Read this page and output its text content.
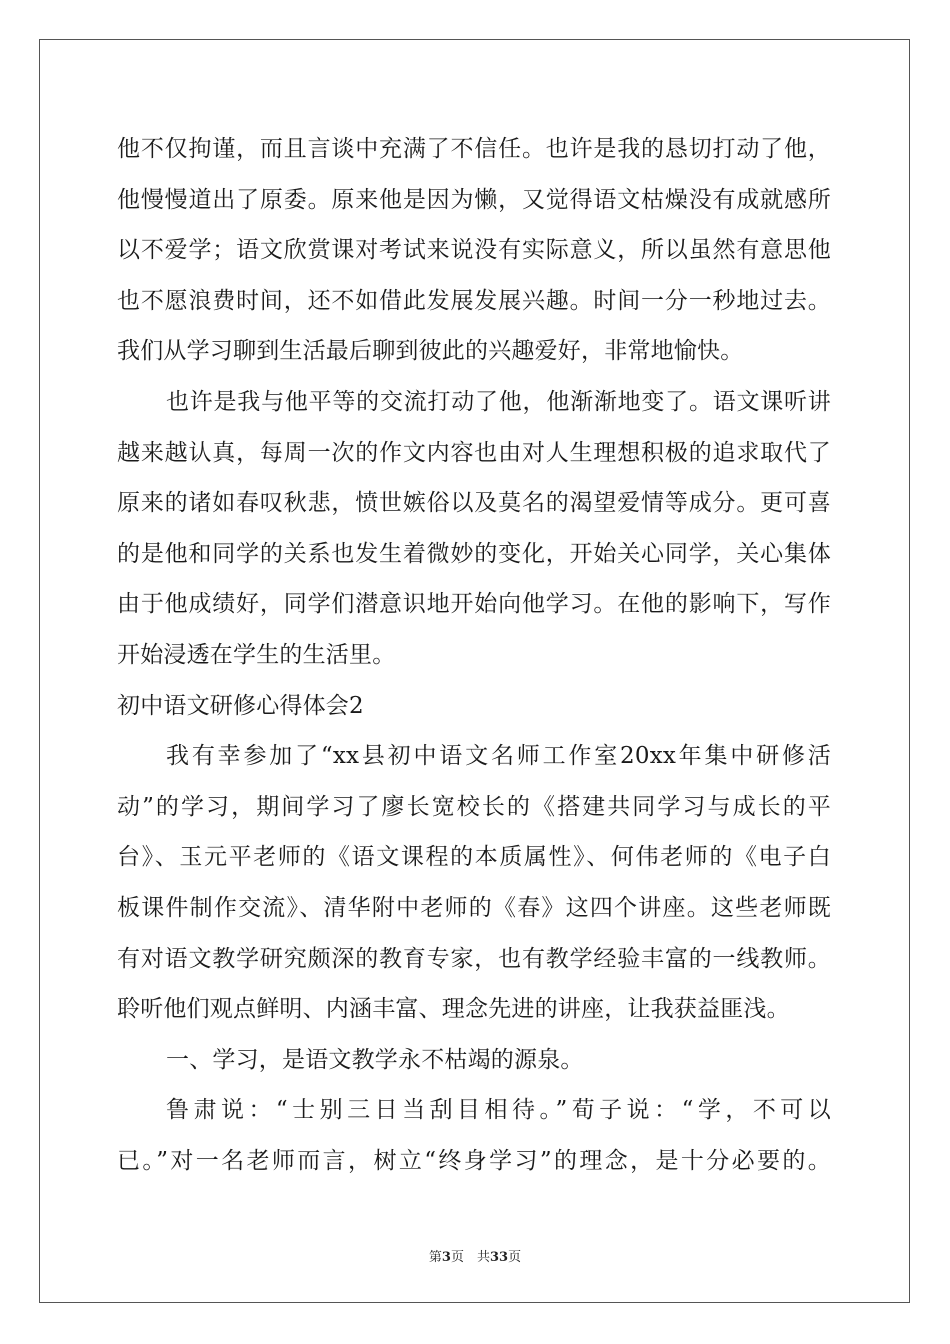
他不仅拘谨，而且言谈中充满了不信任。也许是我的恳切打动了他，
他慢慢道出了原委。原来他是因为懒，又觉得语文枯燥没有成就感所
以不爱学；语文欣赏课对考试来说没有实际意义，所以虽然有意思他
也不愿浪费时间，还不如借此发展发展兴趣。时间一分一秒地过去。
我们从学习聊到生活最后聊到彼此的兴趣爱好，非常地愉快。
也许是我与他平等的交流打动了他，他渐渐地变了。语文课听讲
越来越认真，每周一次的作文内容也由对人生理想积极的追求取代了
原来的诸如春叹秋悲，愤世嫉俗以及莫名的渴望爱情等成分。更可喜
的是他和同学的关系也发生着微妙的变化，开始关心同学，关心集体
由于他成绩好，同学们潜意识地开始向他学习。在他的影响下，写作
开始浸透在学生的生活里。
初中语文研修心得体会2
我有幸参加了“xx县初中语文名师工作室20xx年集中研修活
动”的学习，期间学习了廖长宽校长的《搭建共同学习与成长的平
台》、玉元平老师的《语文课程的本质属性》、何伟老师的《电子白
板课件制作交流》、清华附中老师的《春》这四个讲座。这些老师既
有对语文教学研究颇深的教育专家，也有教学经验丰富的一线教师。
聆听他们观点鲜明、内涵丰富、理念先进的讲座，让我获益匪浅。
一、学习，是语文教学永不枯竭的源泉。
鲁肃说：“士别三日当刮目相待。”荀子说：“学，不可以
已。”对一名老师而言，树立“终身学习”的理念，是十分必要的。
第3页　共33页
